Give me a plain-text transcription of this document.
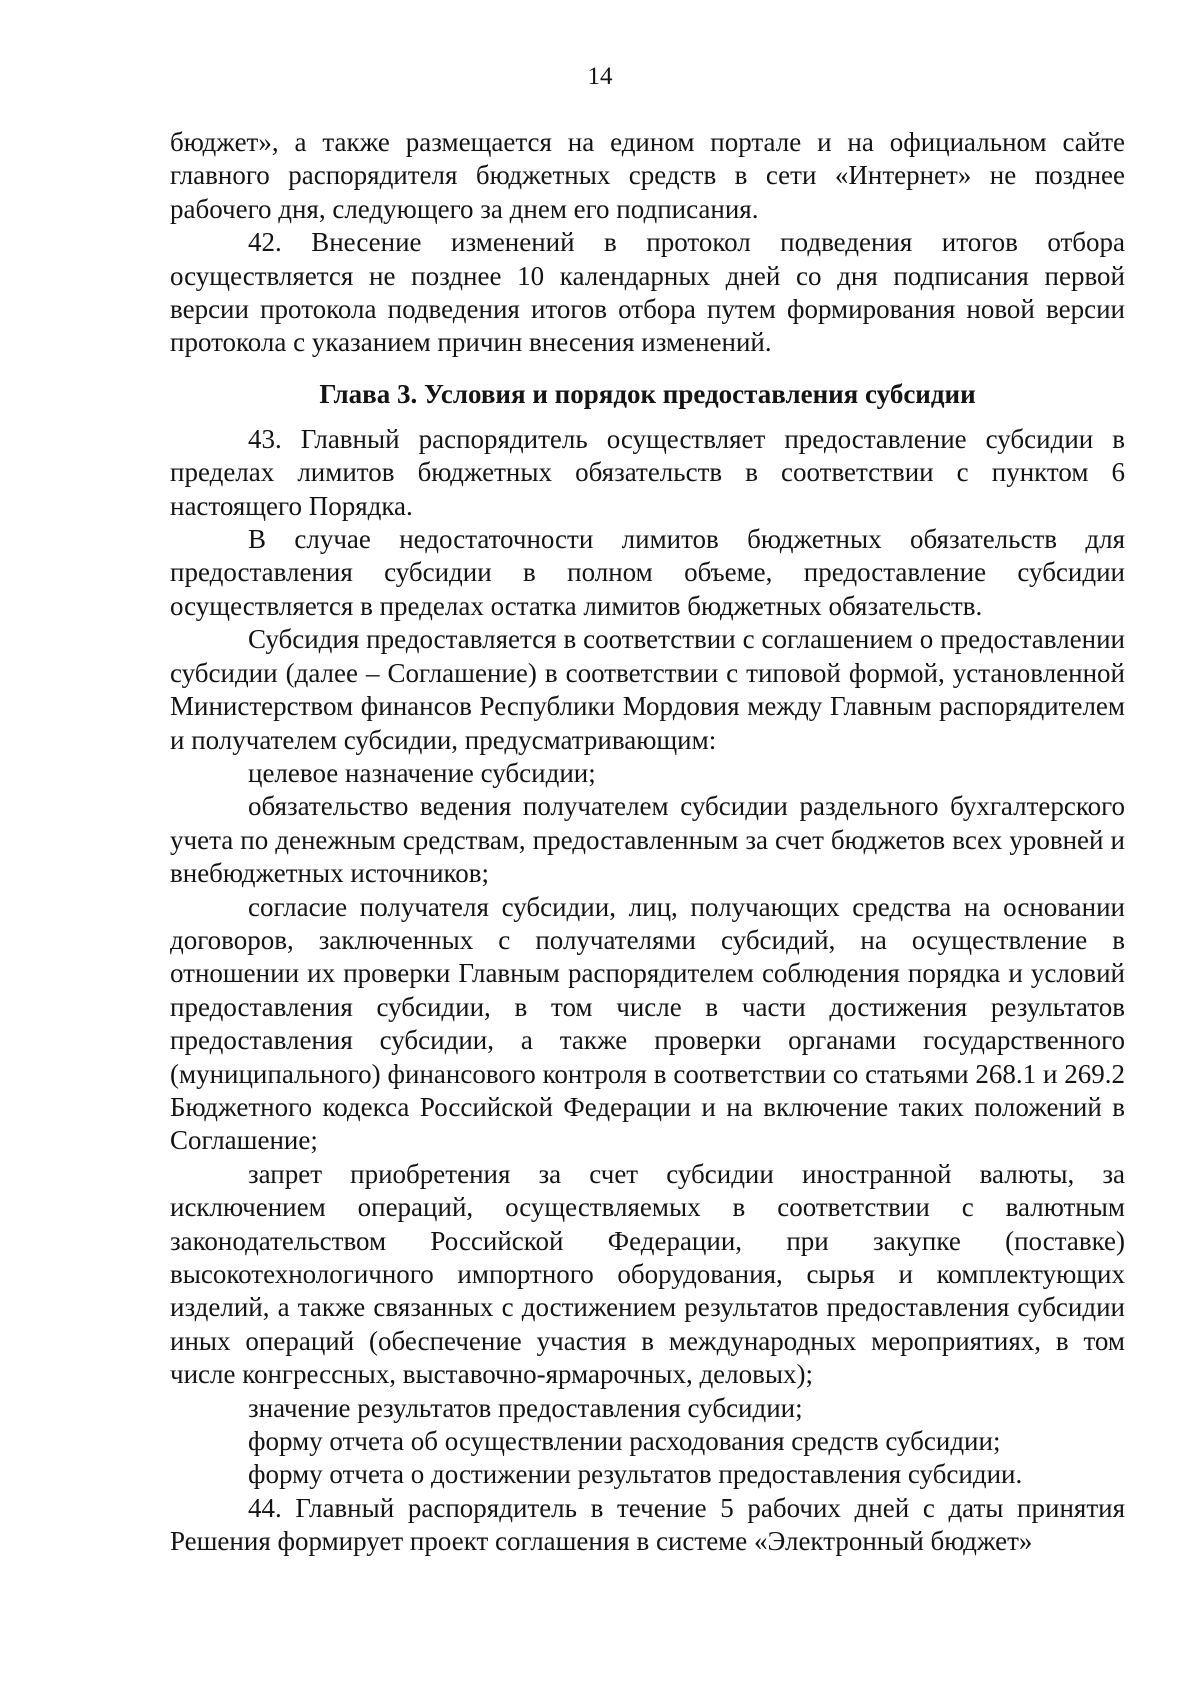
14

бюджет», а также размещается на едином портале и на официальном сайте главного распорядителя бюджетных средств в сети «Интернет» не позднее рабочего дня, следующего за днем его подписания.

42. Внесение изменений в протокол подведения итогов отбора осуществляется не позднее 10 календарных дней со дня подписания первой версии протокола подведения итогов отбора путем формирования новой версии протокола с указанием причин внесения изменений.

Глава 3. Условия и порядок предоставления субсидии

43. Главный распорядитель осуществляет предоставление субсидии в пределах лимитов бюджетных обязательств в соответствии с пунктом 6 настоящего Порядка.

В случае недостаточности лимитов бюджетных обязательств для предоставления субсидии в полном объеме, предоставление субсидии осуществляется в пределах остатка лимитов бюджетных обязательств.

Субсидия предоставляется в соответствии с соглашением о предоставлении субсидии (далее – Соглашение) в соответствии с типовой формой, установленной Министерством финансов Республики Мордовия между Главным распорядителем и получателем субсидии, предусматривающим:

целевое назначение субсидии;

обязательство ведения получателем субсидии раздельного бухгалтерского учета по денежным средствам, предоставленным за счет бюджетов всех уровней и внебюджетных источников;

согласие получателя субсидии, лиц, получающих средства на основании договоров, заключенных с получателями субсидий, на осуществление в отношении их проверки Главным распорядителем соблюдения порядка и условий предоставления субсидии, в том числе в части достижения результатов предоставления субсидии, а также проверки органами государственного (муниципального) финансового контроля в соответствии со статьями 268.1 и 269.2 Бюджетного кодекса Российской Федерации и на включение таких положений в Соглашение;

запрет приобретения за счет субсидии иностранной валюты, за исключением операций, осуществляемых в соответствии с валютным законодательством Российской Федерации, при закупке (поставке) высокотехнологичного импортного оборудования, сырья и комплектующих изделий, а также связанных с достижением результатов предоставления субсидии иных операций (обеспечение участия в международных мероприятиях, в том числе конгрессных, выставочно-ярмарочных, деловых);

значение результатов предоставления субсидии;

форму отчета об осуществлении расходования средств субсидии;

форму отчета о достижении результатов предоставления субсидии.

44. Главный распорядитель в течение 5 рабочих дней с даты принятия Решения формирует проект соглашения в системе «Электронный бюджет»
